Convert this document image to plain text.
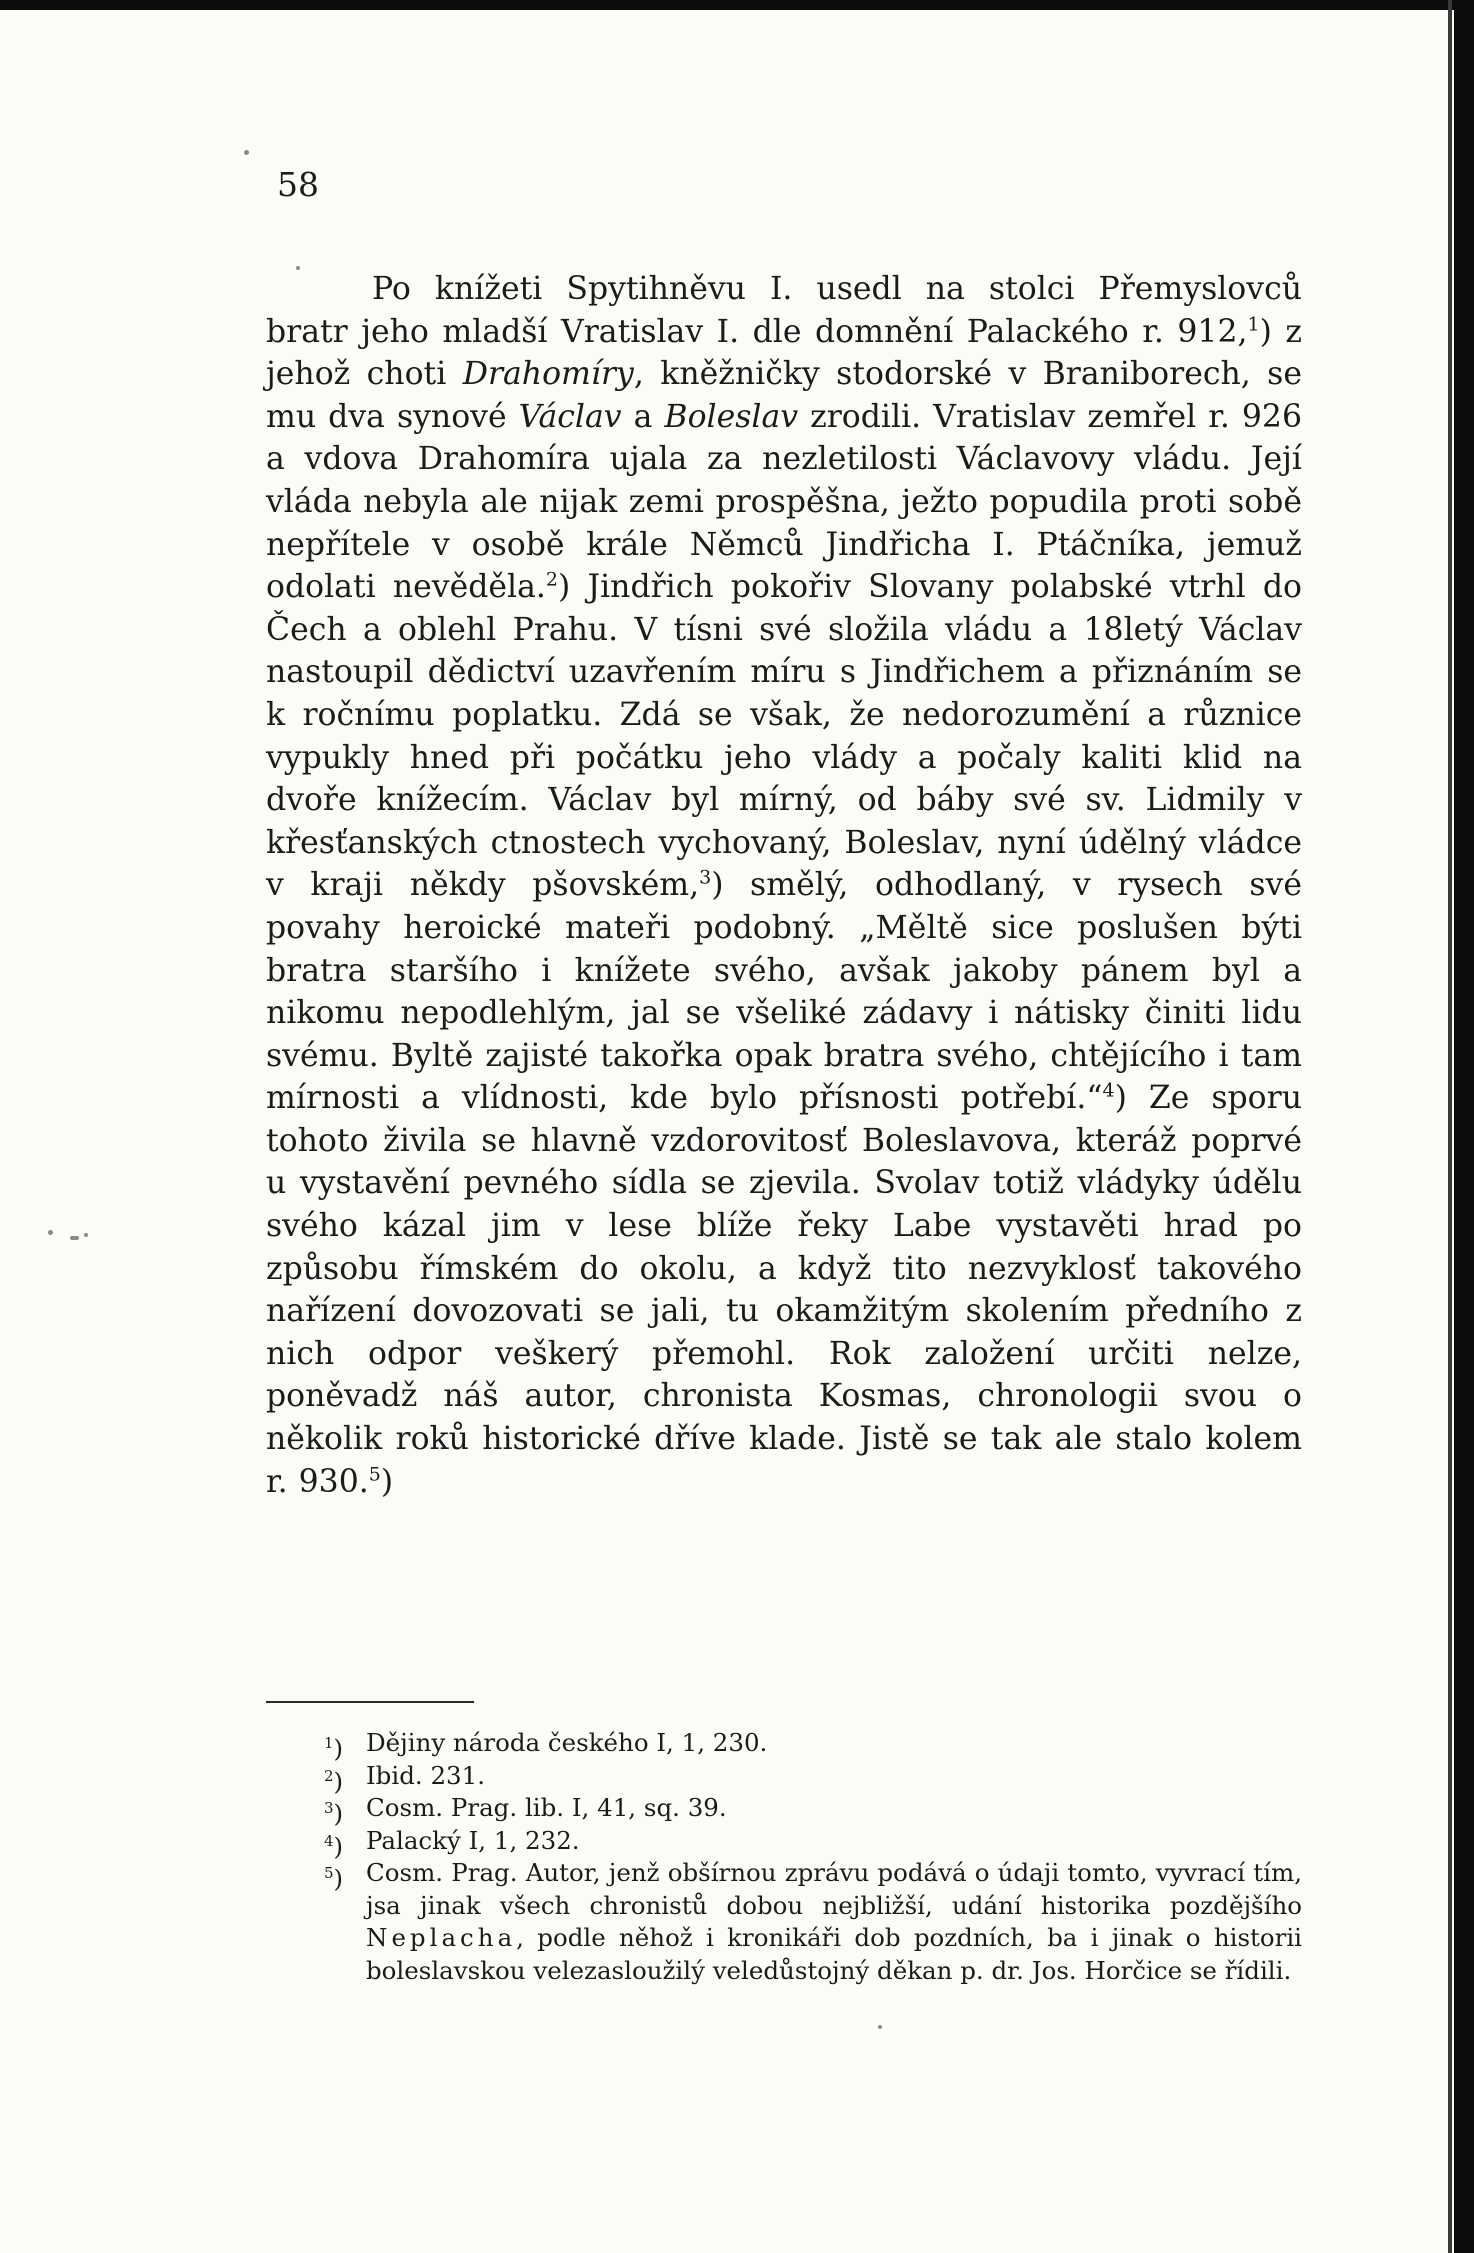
58

Po knížeti Spytihněvu I. usedl na stolci Přemyslovců bratr jeho mladší Vratislav I. dle domnění Palackého r. 912,$^1$) z jehož choti Drahomíry, kněžničky stodorské v Braniborech, se mu dva synové Václav a Boleslav zrodili. Vratislav zemřel r. 926 a vdova Drahomíra ujala za nezletilosti Václavovy vládu. Její vláda nebyla ale nijak zemi prospěšna, ježto popudila proti sobě nepřítele v osobě krále Němců Jindřicha I. Ptáčníka, jemuž odolati nevěděla.$^2$) Jindřich pokořiv Slovany polabské vtrhl do Čech a oblehl Prahu. V tísni své složila vládu a 18letý Václav nastoupil dědictví uzavřením míru s Jindřichem a přiznáním se k ročnímu poplatku. Zdá se však, že nedorozumění a různice vypukly hned při počátku jeho vlády a počaly kaliti klid na dvoře knížecím. Václav byl mírný, od báby své sv. Lidmily v křesťanských ctnostech vychovaný, Boleslav, nyní údělný vládce v kraji někdy pšovském,$^3$) smělý, odhodlaný, v rysech své povahy heroické mateři podobný. „Měltě sice poslušen býti bratra staršího i knížete svého, avšak jakoby pánem byl a nikomu nepodlehlým, jal se všeliké zádavy i nátisky činiti lidu svému. Byltě zajisté takořka opak bratra svého, chtějícího i tam mírnosti a vlídnosti, kde bylo přísnosti potřebí.“$^4$) Ze sporu tohoto živila se hlavně vzdorovitosť Boleslavova, kteráž poprvé u vystavění pevného sídla se zjevila. Svolav totiž vládyky údělu svého kázal jim v lese blíže řeky Labe vystavěti hrad po způsobu římském do okolu, a když tito nezvyklosť takového nařízení dovozovati se jali, tu okamžitým skolením předního z nich odpor veškerý přemohl. Rok založení určiti nelze, poněvadž náš autor, chronista Kosmas, chronologii svou o několik roků historické dříve klade. Jistě se tak ale stalo kolem r. 930.$^5$)

$^1$) Dějiny národa českého I, 1, 230.
$^2$) Ibid. 231.
$^3$) Cosm. Prag. lib. I, 41, sq. 39.
$^4$) Palacký I, 1, 232.
$^5$) Cosm. Prag. Autor, jenž obšírnou zprávu podává o údaji tomto, vyvrací tím, jsa jinak všech chronistů dobou nejbližší, udání historika pozdějšího Neplacha, podle něhož i kronikáři dob pozdních, ba i jinak o historii boleslavskou velezasloužilý veledůstojný děkan p. dr. Jos. Horčice se řídili.
